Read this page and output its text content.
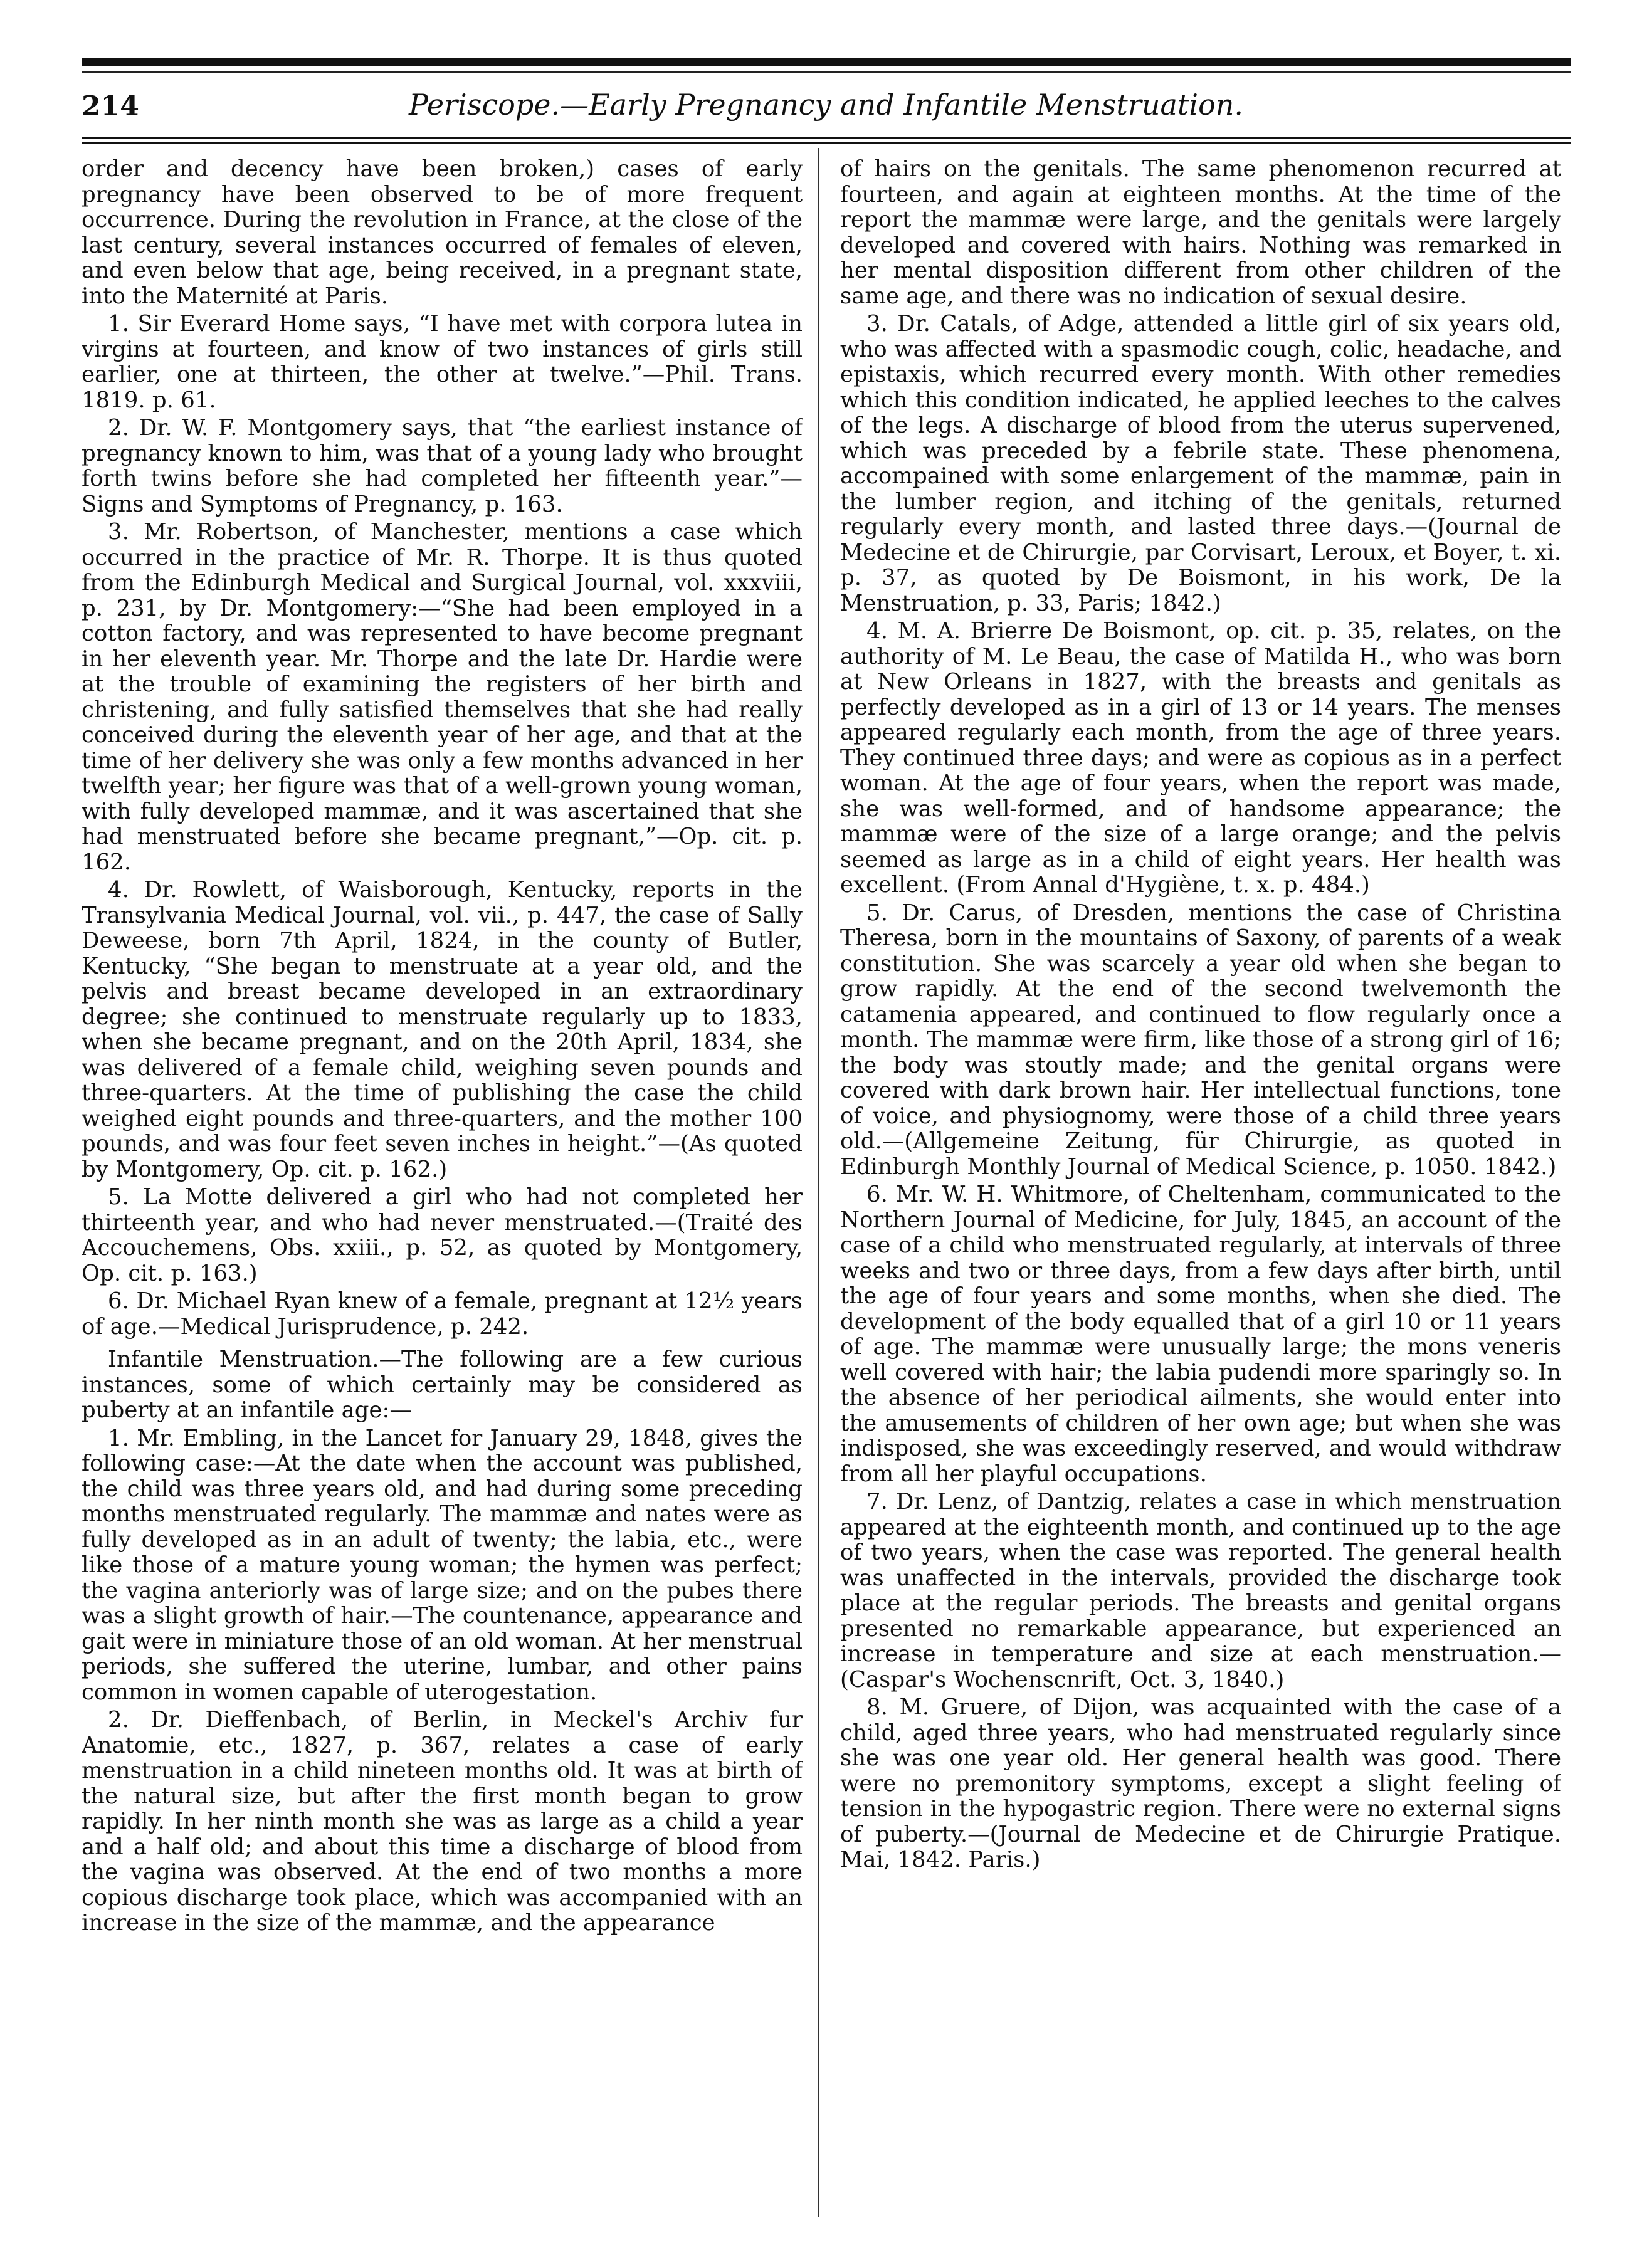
214	Periscope.—Early Pregnancy and Infantile Menstruation.

order and decency have been broken,) cases of early pregnancy have been observed to be of more frequent occurrence. During the revolution in France, at the close of the last century, several instances occurred of females of eleven, and even below that age, being received, in a pregnant state, into the Maternité at Paris.

1. Sir Everard Home says, “I have met with corpora lutea in virgins at fourteen, and know of two instances of girls still earlier, one at thirteen, the other at twelve.”—Phil. Trans. 1819. p. 61.

2. Dr. W. F. Montgomery says, that “the earliest instance of pregnancy known to him, was that of a young lady who brought forth twins before she had completed her fifteenth year.”—Signs and Symptoms of Pregnancy, p. 163.

3. Mr. Robertson, of Manchester, mentions a case which occurred in the practice of Mr. R. Thorpe. It is thus quoted from the Edinburgh Medical and Surgical Journal, vol. xxxviii, p. 231, by Dr. Montgomery:—“She had been employed in a cotton factory, and was represented to have become pregnant in her eleventh year. Mr. Thorpe and the late Dr. Hardie were at the trouble of examining the registers of her birth and christening, and fully satisfied themselves that she had really conceived during the eleventh year of her age, and that at the time of her delivery she was only a few months advanced in her twelfth year; her figure was that of a well-grown young woman, with fully developed mammæ, and it was ascertained that she had menstruated before she became pregnant,”—Op. cit. p. 162.

4. Dr. Rowlett, of Waisborough, Kentucky, reports in the Transylvania Medical Journal, vol. vii., p. 447, the case of Sally Deweese, born 7th April, 1824, in the county of Butler, Kentucky, “She began to menstruate at a year old, and the pelvis and breast became developed in an extraordinary degree; she continued to menstruate regularly up to 1833, when she became pregnant, and on the 20th April, 1834, she was delivered of a female child, weighing seven pounds and three-quarters. At the time of publishing the case the child weighed eight pounds and three-quarters, and the mother 100 pounds, and was four feet seven inches in height.”—(As quoted by Montgomery, Op. cit. p. 162.)

5. La Motte delivered a girl who had not completed her thirteenth year, and who had never menstruated.—(Traité des Accouchemens, Obs. xxiii., p. 52, as quoted by Montgomery, Op. cit. p. 163.)

6. Dr. Michael Ryan knew of a female, pregnant at 12½ years of age.—Medical Jurisprudence, p. 242.

Infantile Menstruation.—The following are a few curious instances, some of which certainly may be considered as puberty at an infantile age:—

1. Mr. Embling, in the Lancet for January 29, 1848, gives the following case:—At the date when the account was published, the child was three years old, and had during some preceding months menstruated regularly. The mammæ and nates were as fully developed as in an adult of twenty; the labia, etc., were like those of a mature young woman; the hymen was perfect; the vagina anteriorly was of large size; and on the pubes there was a slight growth of hair.—The countenance, appearance and gait were in miniature those of an old woman. At her menstrual periods, she suffered the uterine, lumbar, and other pains common in women capable of uterogestation.

2. Dr. Dieffenbach, of Berlin, in Meckel's Archiv fur Anatomie, etc., 1827, p. 367, relates a case of early menstruation in a child nineteen months old. It was at birth of the natural size, but after the first month began to grow rapidly. In her ninth month she was as large as a child a year and a half old; and about this time a discharge of blood from the vagina was observed. At the end of two months a more copious discharge took place, which was accompanied with an increase in the size of the mammæ, and the appearance

of hairs on the genitals. The same phenomenon recurred at fourteen, and again at eighteen months. At the time of the report the mammæ were large, and the genitals were largely developed and covered with hairs. Nothing was remarked in her mental disposition different from other children of the same age, and there was no indication of sexual desire.

3. Dr. Catals, of Adge, attended a little girl of six years old, who was affected with a spasmodic cough, colic, headache, and epistaxis, which recurred every month. With other remedies which this condition indicated, he applied leeches to the calves of the legs. A discharge of blood from the uterus supervened, which was preceded by a febrile state. These phenomena, accompained with some enlargement of the mammæ, pain in the lumber region, and itching of the genitals, returned regularly every month, and lasted three days.—(Journal de Medecine et de Chirurgie, par Corvisart, Leroux, et Boyer, t. xi. p. 37, as quoted by De Boismont, in his work, De la Menstruation, p. 33, Paris; 1842.)

4. M. A. Brierre De Boismont, op. cit. p. 35, relates, on the authority of M. Le Beau, the case of Matilda H., who was born at New Orleans in 1827, with the breasts and genitals as perfectly developed as in a girl of 13 or 14 years. The menses appeared regularly each month, from the age of three years. They continued three days; and were as copious as in a perfect woman. At the age of four years, when the report was made, she was well-formed, and of handsome appearance; the mammæ were of the size of a large orange; and the pelvis seemed as large as in a child of eight years. Her health was excellent. (From Annal d'Hygiène, t. x. p. 484.)

5. Dr. Carus, of Dresden, mentions the case of Christina Theresa, born in the mountains of Saxony, of parents of a weak constitution. She was scarcely a year old when she began to grow rapidly. At the end of the second twelvemonth the catamenia appeared, and continued to flow regularly once a month. The mammæ were firm, like those of a strong girl of 16; the body was stoutly made; and the genital organs were covered with dark brown hair. Her intellectual functions, tone of voice, and physiognomy, were those of a child three years old.—(Allgemeine Zeitung, für Chirurgie, as quoted in Edinburgh Monthly Journal of Medical Science, p. 1050. 1842.)

6. Mr. W. H. Whitmore, of Cheltenham, communicated to the Northern Journal of Medicine, for July, 1845, an account of the case of a child who menstruated regularly, at intervals of three weeks and two or three days, from a few days after birth, until the age of four years and some months, when she died. The development of the body equalled that of a girl 10 or 11 years of age. The mammæ were unusually large; the mons veneris well covered with hair; the labia pudendi more sparingly so. In the absence of her periodical ailments, she would enter into the amusements of children of her own age; but when she was indisposed, she was exceedingly reserved, and would withdraw from all her playful occupations.

7. Dr. Lenz, of Dantzig, relates a case in which menstruation appeared at the eighteenth month, and continued up to the age of two years, when the case was reported. The general health was unaffected in the intervals, provided the discharge took place at the regular periods. The breasts and genital organs presented no remarkable appearance, but experienced an increase in temperature and size at each menstruation.—(Caspar's Wochenscnrift, Oct. 3, 1840.)

8. M. Gruere, of Dijon, was acquainted with the case of a child, aged three years, who had menstruated regularly since she was one year old. Her general health was good. There were no premonitory symptoms, except a slight feeling of tension in the hypogastric region. There were no external signs of puberty.—(Journal de Medecine et de Chirurgie Pratique. Mai, 1842. Paris.)
